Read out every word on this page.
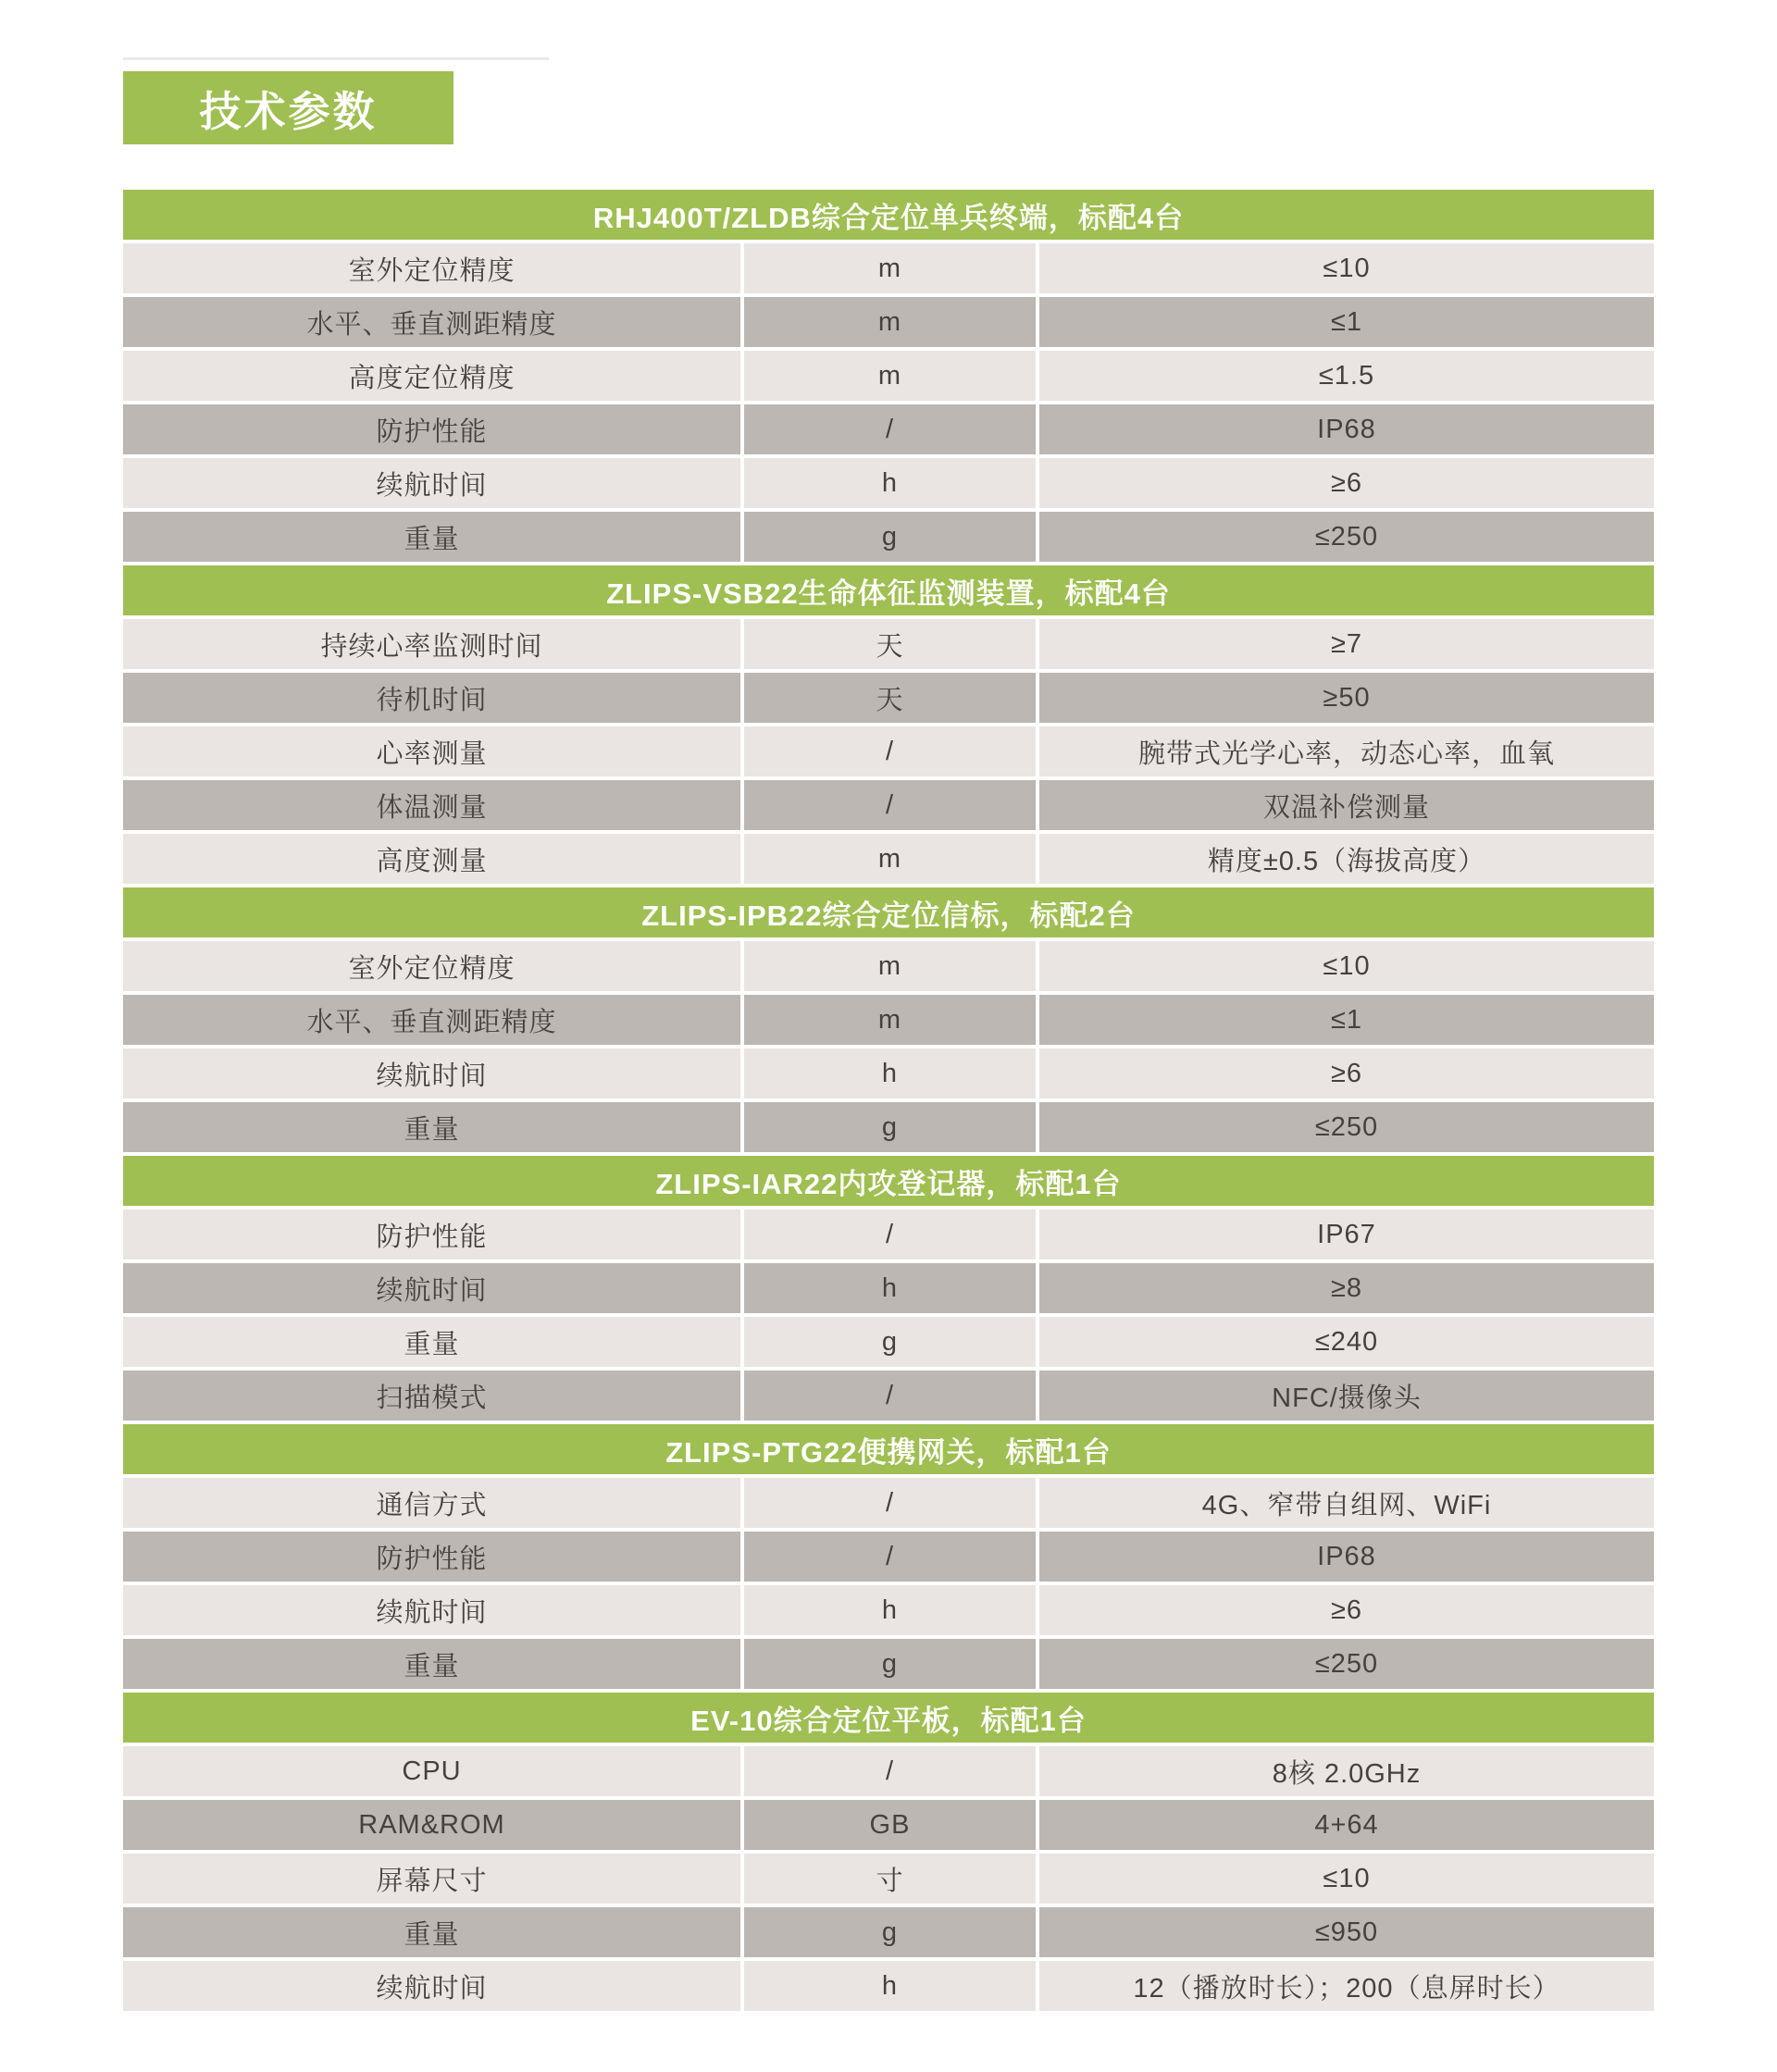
技术参数
RHJ400T/ZLDB综合定位单兵终端，标配4台
室外定位精度	m	≤10
水平、垂直测距精度	m	≤1
高度定位精度	m	≤1.5
防护性能	/	IP68
续航时间	h	≥6
重量	g	≤250
ZLIPS-VSB22生命体征监测装置，标配4台
持续心率监测时间	天	≥7
待机时间	天	≥50
心率测量	/	腕带式光学心率，动态心率，血氧
体温测量	/	双温补偿测量
高度测量	m	精度±0.5（海拔高度）
ZLIPS-IPB22综合定位信标，标配2台
室外定位精度	m	≤10
水平、垂直测距精度	m	≤1
续航时间	h	≥6
重量	g	≤250
ZLIPS-IAR22内攻登记器，标配1台
防护性能	/	IP67
续航时间	h	≥8
重量	g	≤240
扫描模式	/	NFC/摄像头
ZLIPS-PTG22便携网关，标配1台
通信方式	/	4G、窄带自组网、WiFi
防护性能	/	IP68
续航时间	h	≥6
重量	g	≤250
EV-10综合定位平板，标配1台
CPU	/	8核 2.0GHz
RAM&ROM	GB	4+64
屏幕尺寸	寸	≤10
重量	g	≤950
续航时间	h	12（播放时长）；200（息屏时长）
